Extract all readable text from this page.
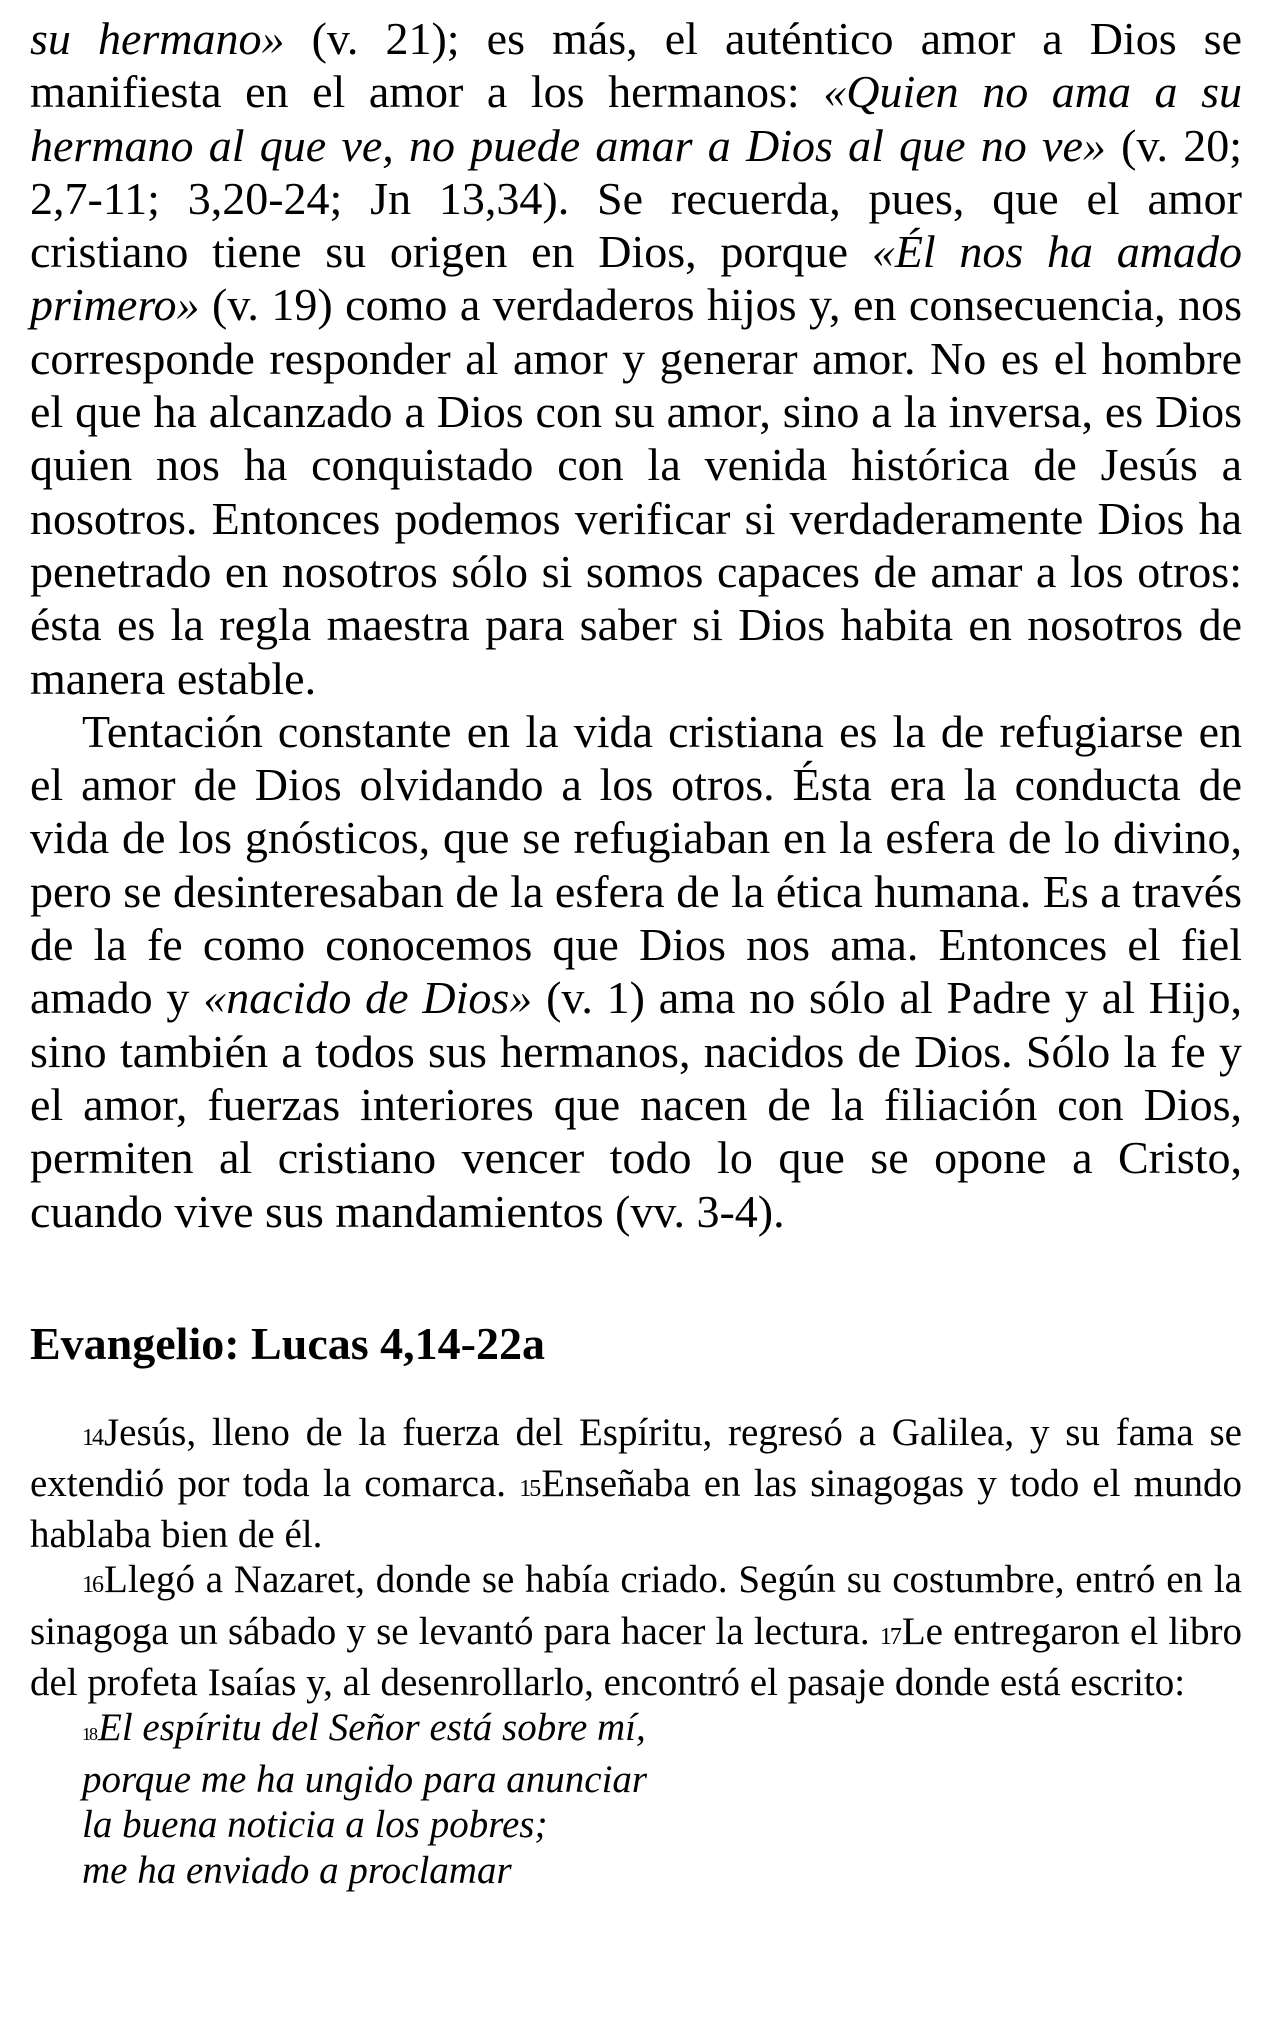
su hermano» (v. 21); es más, el auténtico amor a Dios se manifiesta en el amor a los hermanos: «Quien no ama a su hermano al que ve, no puede amar a Dios al que no ve» (v. 20; 2,7-11; 3,20-24; Jn 13,34). Se recuerda, pues, que el amor cristiano tiene su origen en Dios, porque «Él nos ha amado primero» (v. 19) como a verdaderos hijos y, en consecuencia, nos corresponde responder al amor y generar amor. No es el hombre el que ha alcanzado a Dios con su amor, sino a la inversa, es Dios quien nos ha conquistado con la venida histórica de Jesús a nosotros. Entonces podemos verificar si verdaderamente Dios ha penetrado en nosotros sólo si somos capaces de amar a los otros: ésta es la regla maestra para saber si Dios habita en nosotros de manera estable.

Tentación constante en la vida cristiana es la de refugiarse en el amor de Dios olvidando a los otros. Ésta era la conducta de vida de los gnósticos, que se refugiaban en la esfera de lo divino, pero se desinteresaban de la esfera de la ética humana. Es a través de la fe como conocemos que Dios nos ama. Entonces el fiel amado y «nacido de Dios» (v. 1) ama no sólo al Padre y al Hijo, sino también a todos sus hermanos, nacidos de Dios. Sólo la fe y el amor, fuerzas interiores que nacen de la filiación con Dios, permiten al cristiano vencer todo lo que se opone a Cristo, cuando vive sus mandamientos (vv. 3-4).

Evangelio: Lucas 4,14-22a

14Jesús, lleno de la fuerza del Espíritu, regresó a Galilea, y su fama se extendió por toda la comarca. 15Enseñaba en las sinagogas y todo el mundo hablaba bien de él.

16Llegó a Nazaret, donde se había criado. Según su costumbre, entró en la sinagoga un sábado y se levantó para hacer la lectura. 17Le entregaron el libro del profeta Isaías y, al desenrollarlo, encontró el pasaje donde está escrito:

18El espíritu del Señor está sobre mí,
porque me ha ungido para anunciar
la buena noticia a los pobres;
me ha enviado a proclamar
